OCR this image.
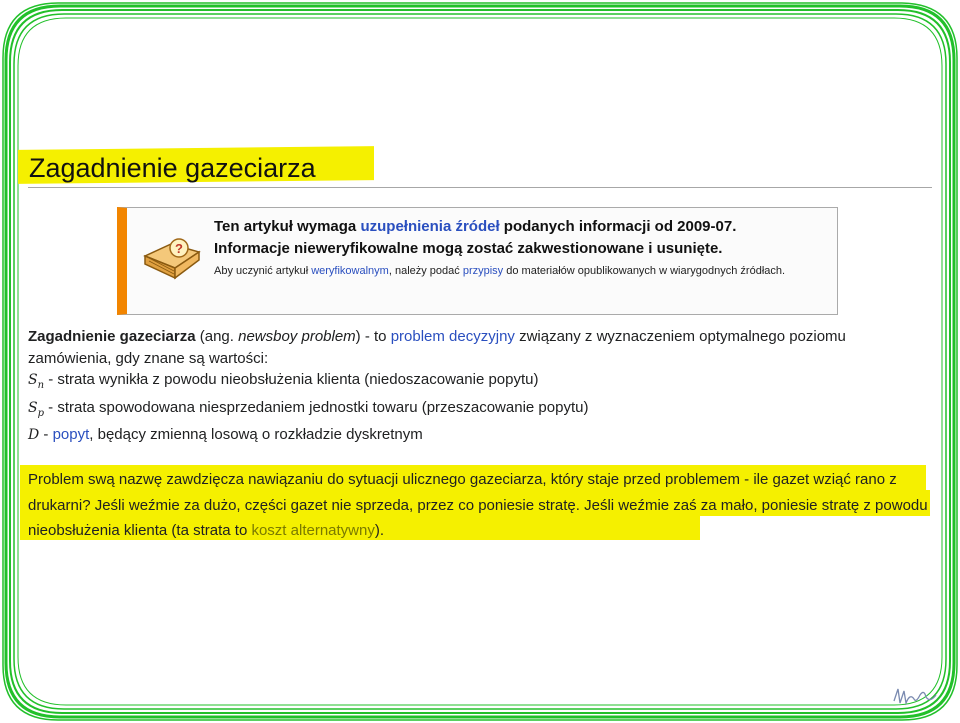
Zagadnienie gazeciarza
?
Ten artykuł wymaga uzupełnienia źródeł podanych informacji od 2009-07.
Informacje nieweryfikowalne mogą zostać zakwestionowane i usunięte.
Aby uczynić artykuł weryfikowalnym, należy podać przypisy do materiałów opublikowanych w wiarygodnych źródłach.

Zagadnienie gazeciarza (ang. newsboy problem) - to problem decyzyjny związany z wyznaczeniem optymalnego poziomu zamówienia, gdy znane są wartości:

$S_n$ - strata wynikła z powodu nieobsłużenia klienta (niedoszacowanie popytu)

$S_p$ - strata spowodowana niesprzedaniem jednostki towaru (przeszacowanie popytu)

D - popyt, będący zmienną losową o rozkładzie dyskretnym

Problem swą nazwę zawdzięcza nawiązaniu do sytuacji ulicznego gazeciarza, który staje przed problemem - ile gazet wziąć rano z drukarni? Jeśli weźmie za dużo, części gazet nie sprzeda, przez co poniesie stratę. Jeśli weźmie zaś za mało, poniesie stratę z powodu nieobsłużenia klienta (ta strata to koszt alternatywny).
